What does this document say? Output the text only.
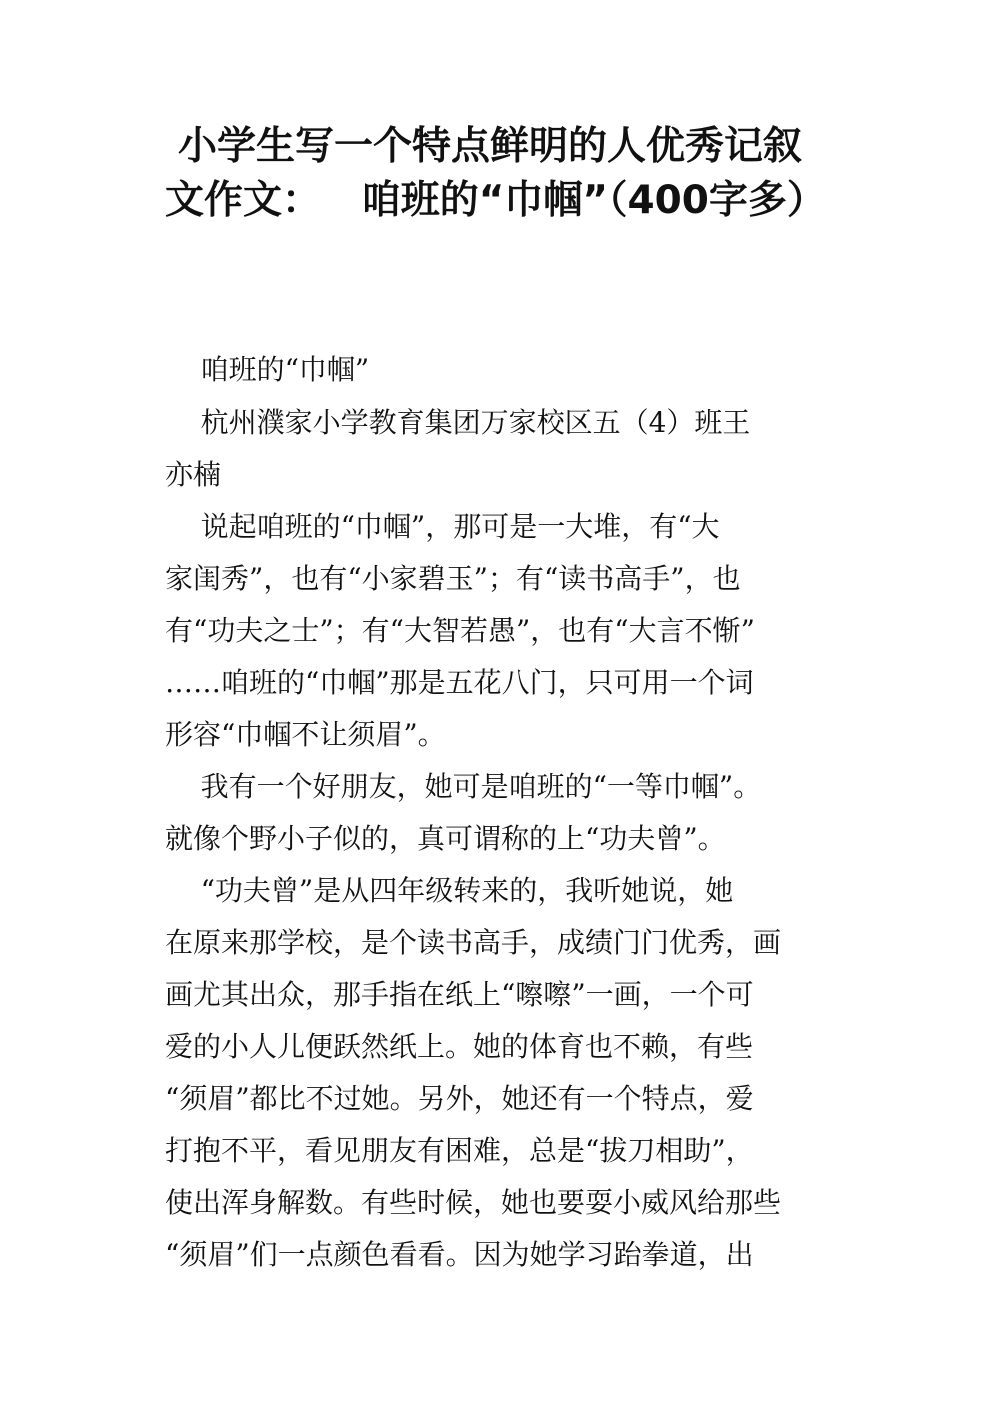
小学生写一个特点鲜明的人优秀记叙
文作文：   咱班的“巾帼”（400字多）
咱班的“巾帼”
杭州濮家小学教育集团万家校区五（4）班王
亦楠
说起咱班的“巾帼”，那可是一大堆，有“大
家闺秀”，也有“小家碧玉”；有“读书高手”，也
有“功夫之士”；有“大智若愚”，也有“大言不惭”
……咱班的“巾帼”那是五花八门，只可用一个词
形容“巾帼不让须眉”。
我有一个好朋友，她可是咱班的“一等巾帼”。
就像个野小子似的，真可谓称的上“功夫曾”。
“功夫曾”是从四年级转来的，我听她说，她
在原来那学校，是个读书高手，成绩门门优秀，画
画尤其出众，那手指在纸上“嚓嚓”一画，一个可
爱的小人儿便跃然纸上。她的体育也不赖，有些
“须眉”都比不过她。另外，她还有一个特点，爱
打抱不平，看见朋友有困难，总是“拔刀相助”，
使出浑身解数。有些时候，她也要耍小威风给那些
“须眉”们一点颜色看看。因为她学习跆拳道，出
